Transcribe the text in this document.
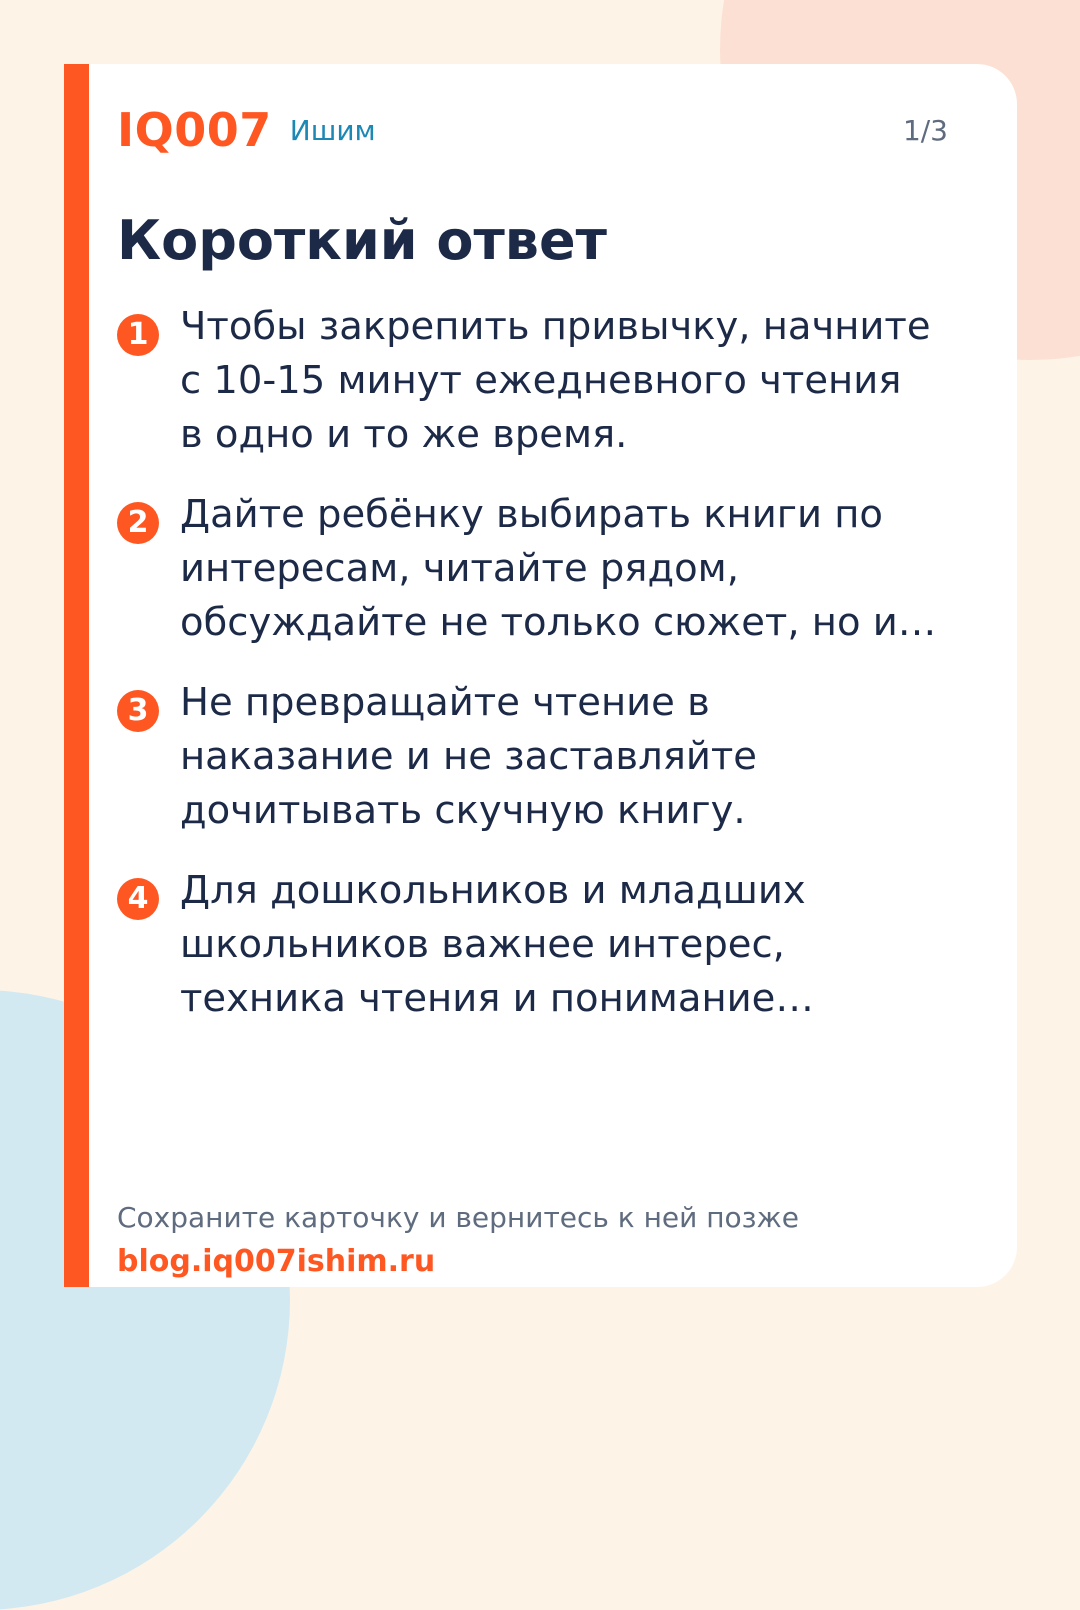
IQ007 Ишим	1/3
Короткий ответ
1 Чтобы закрепить привычку, начните
с 10-15 минут ежедневного чтения
в одно и то же время.
2 Дайте ребёнку выбирать книги по
интересам, читайте рядом,
обсуждайте не только сюжет, но и…
3 Не превращайте чтение в
наказание и не заставляйте
дочитывать скучную книгу.
4 Для дошкольников и младших
школьников важнее интерес,
техника чтения и понимание…
Сохраните карточку и вернитесь к ней позже
blog.iq007ishim.ru
